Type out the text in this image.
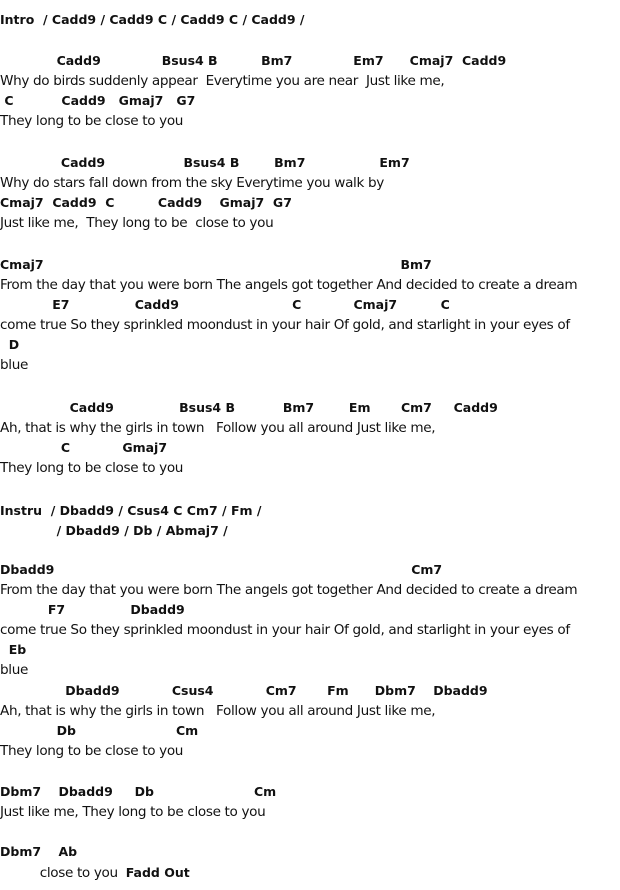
Intro  / Cadd9 / Cadd9 C / Cadd9 C / Cadd9 /
Cadd9              Bsus4 B          Bm7              Em7      Cmaj7  Cadd9
Why do birds suddenly appear  Everytime you are near  Just like me,
C           Cadd9   Gmaj7   G7
They long to be close to you
Cadd9                  Bsus4 B        Bm7                 Em7
Why do stars fall down from the sky Everytime you walk by
Cmaj7  Cadd9  C          Cadd9    Gmaj7  G7
Just like me,  They long to be  close to you
Cmaj7                                                                                  Bm7
From the day that you were born The angels got together And decided to create a dream
E7               Cadd9                          C            Cmaj7          C
come true So they sprinkled moondust in your hair Of gold, and starlight in your eyes of
D
blue
Cadd9               Bsus4 B           Bm7        Em       Cm7     Cadd9
Ah, that is why the girls in town   Follow you all around Just like me,
C            Gmaj7
They long to be close to you
Instru  / Dbadd9 / Csus4 C Cm7 / Fm /
/ Dbadd9 / Db / Abmaj7 /
Dbadd9                                                                                  Cm7
From the day that you were born The angels got together And decided to create a dream
F7               Dbadd9
come true So they sprinkled moondust in your hair Of gold, and starlight in your eyes of
Eb
blue
Dbadd9            Csus4            Cm7       Fm      Dbm7    Dbadd9
Ah, that is why the girls in town   Follow you all around Just like me,
Db                       Cm
They long to be close to you
Dbm7    Dbadd9     Db                       Cm
Just like me, They long to be close to you
Dbm7    Ab
close to you  Fadd Out
